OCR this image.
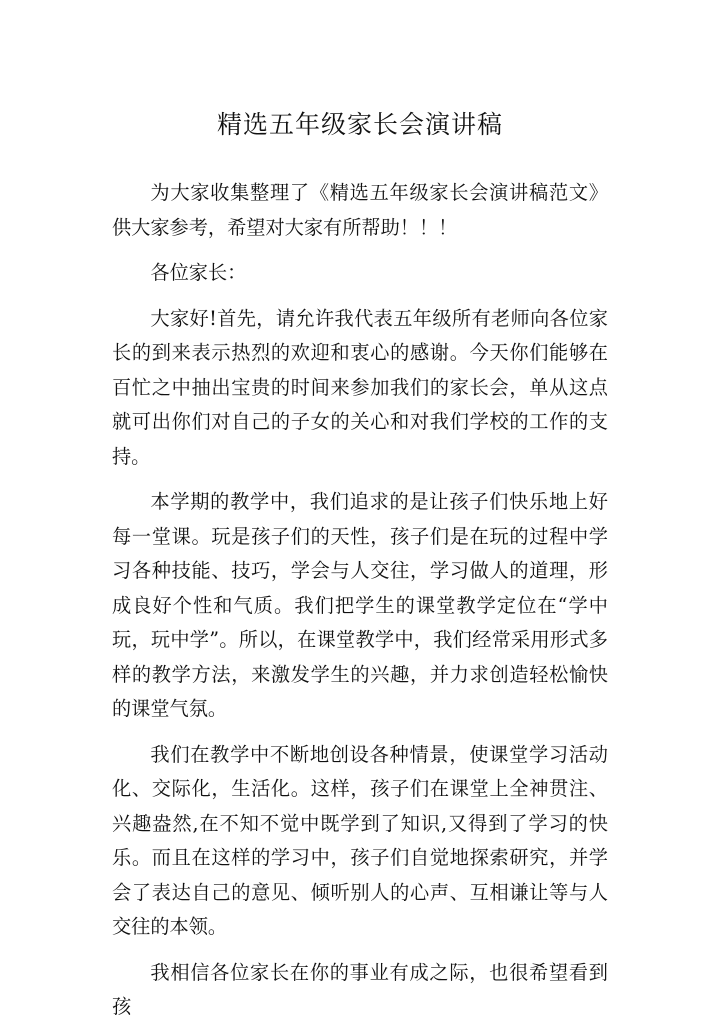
精选五年级家长会演讲稿

为大家收集整理了《精选五年级家长会演讲稿范文》供大家参考，希望对大家有所帮助！！！

各位家长：

大家好!首先，请允许我代表五年级所有老师向各位家长的到来表示热烈的欢迎和衷心的感谢。今天你们能够在百忙之中抽出宝贵的时间来参加我们的家长会，单从这点就可出你们对自己的子女的关心和对我们学校的工作的支持。

本学期的教学中，我们追求的是让孩子们快乐地上好每一堂课。玩是孩子们的天性，孩子们是在玩的过程中学习各种技能、技巧，学会与人交往，学习做人的道理，形成良好个性和气质。我们把学生的课堂教学定位在“学中玩，玩中学”。所以，在课堂教学中，我们经常采用形式多样的教学方法，来激发学生的兴趣，并力求创造轻松愉快的课堂气氛。

我们在教学中不断地创设各种情景，使课堂学习活动化、交际化，生活化。这样，孩子们在课堂上全神贯注、兴趣盎然,在不知不觉中既学到了知识,又得到了学习的快乐。而且在这样的学习中，孩子们自觉地探索研究，并学会了表达自己的意见、倾听别人的心声、互相谦让等与人交往的本领。

我相信各位家长在你的事业有成之际，也很希望看到孩
